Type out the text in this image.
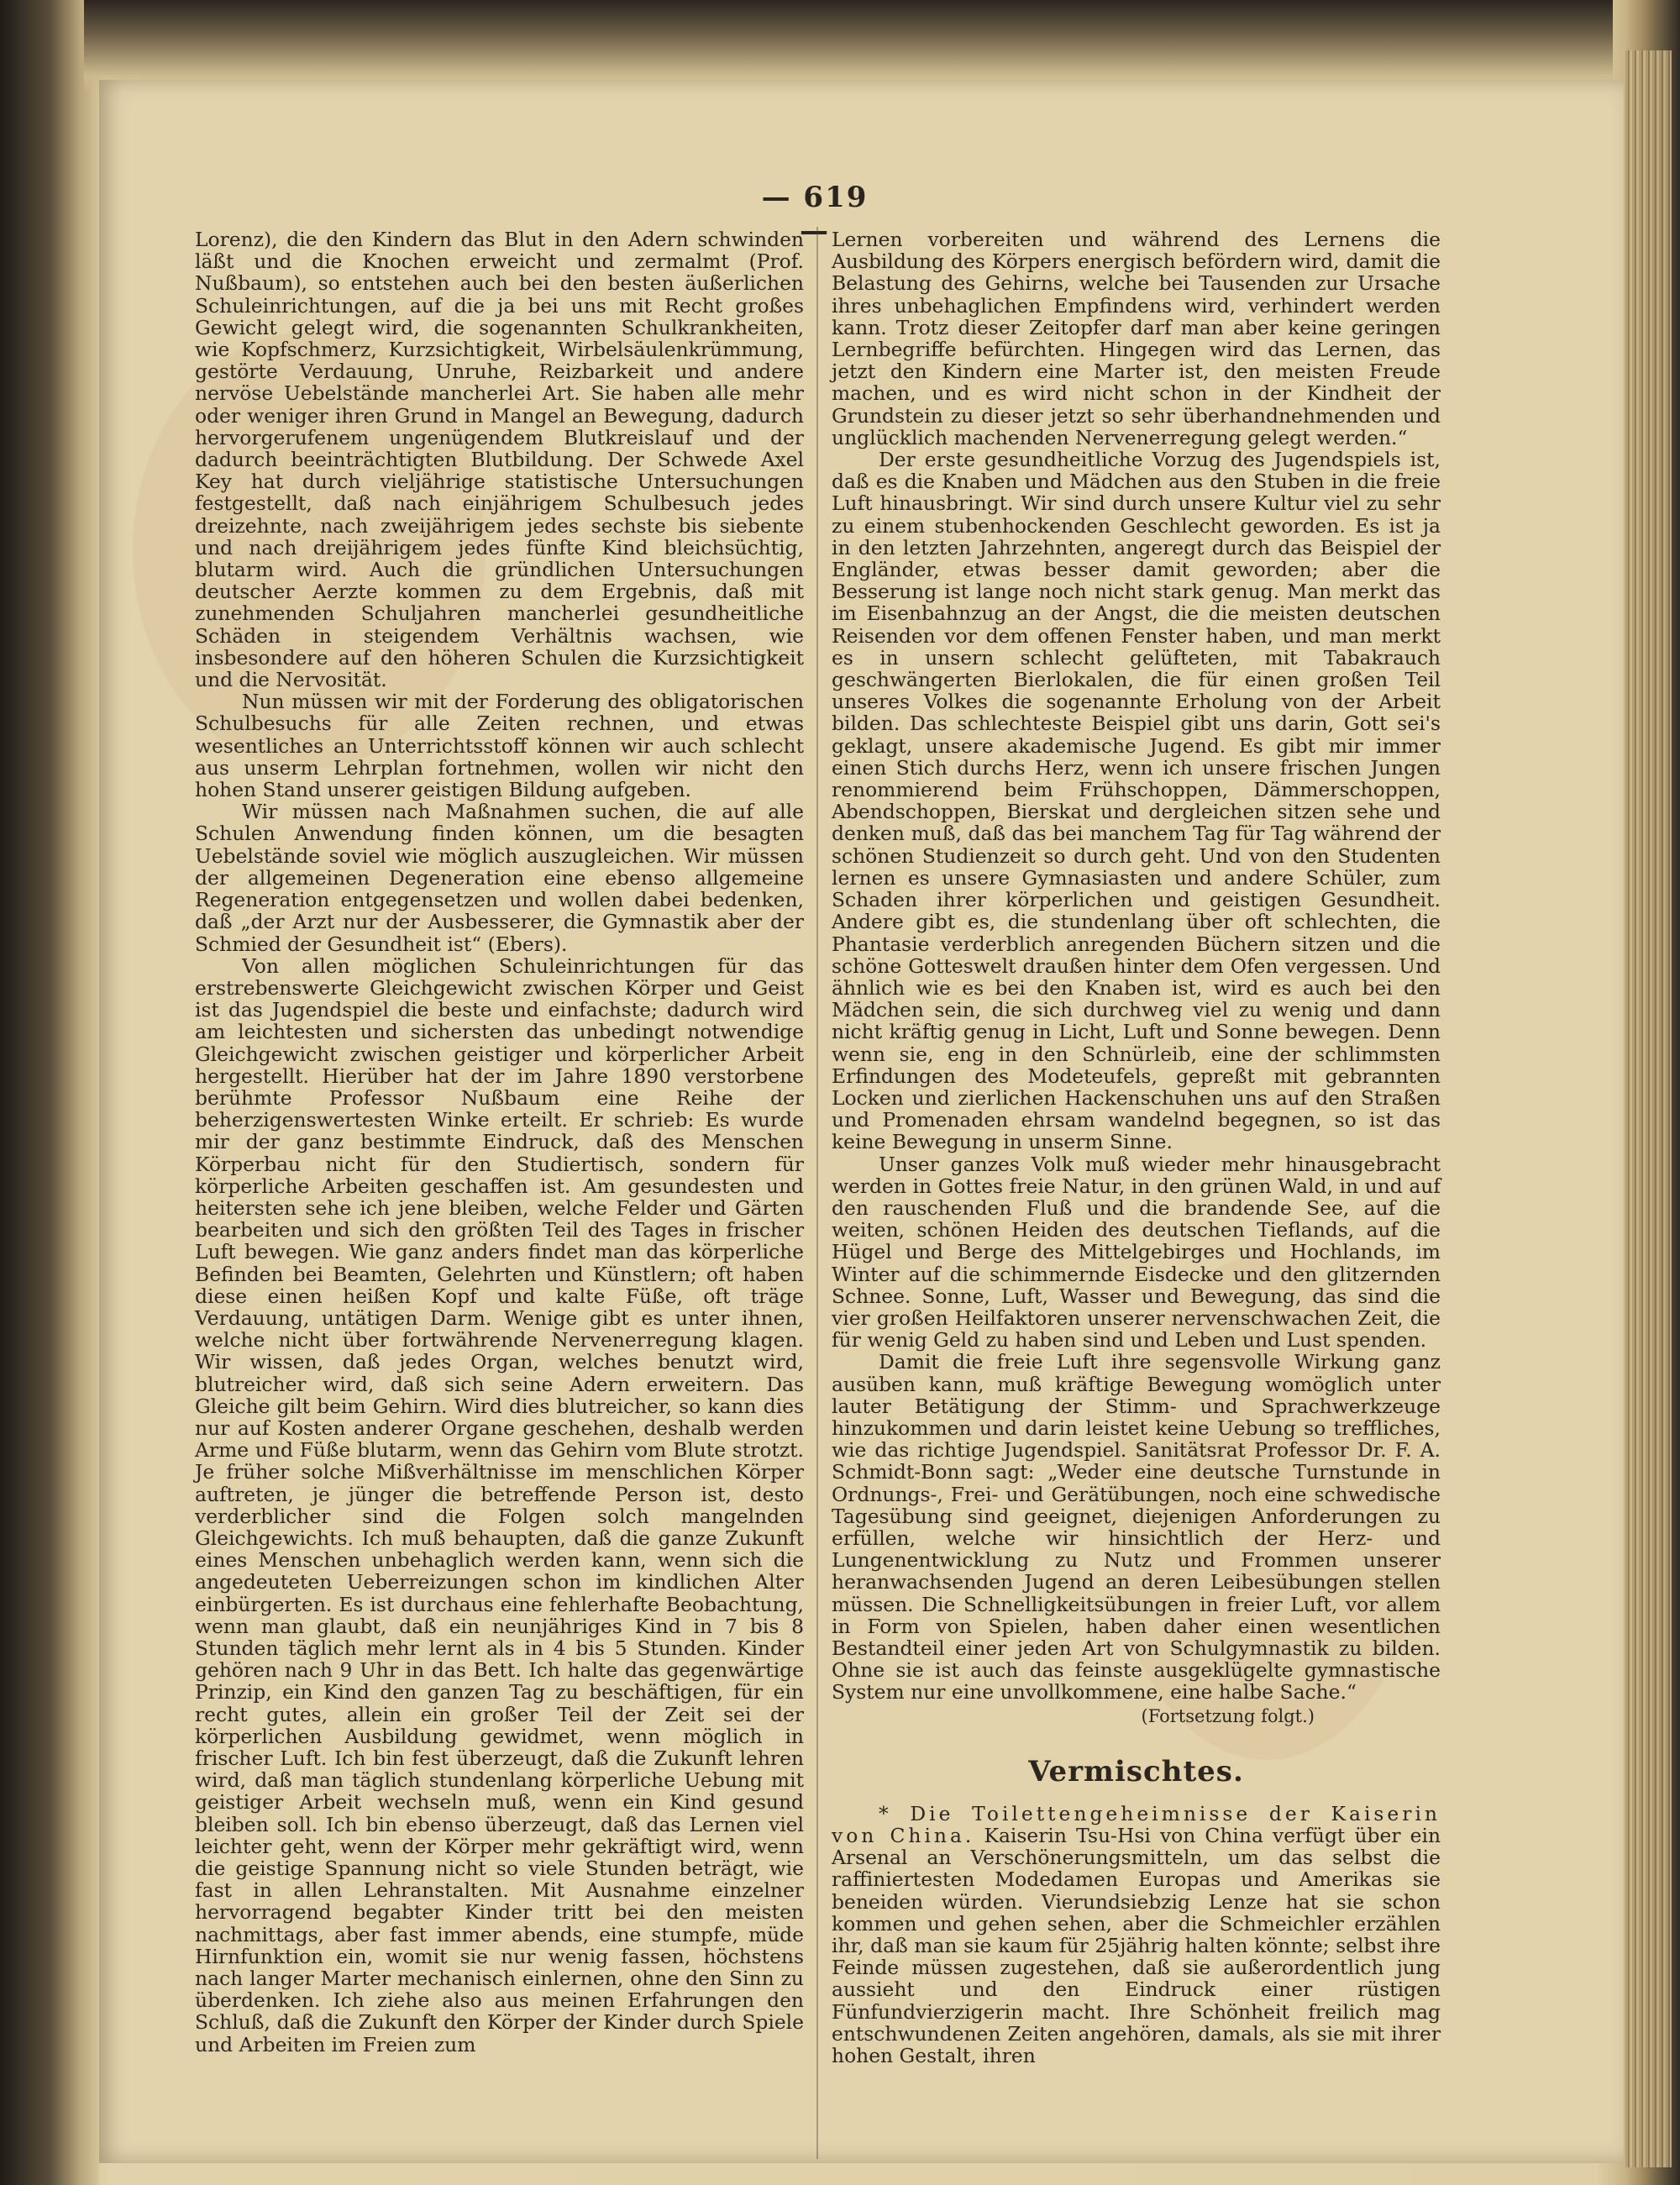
— 619 —

Lorenz), die den Kindern das Blut in den Adern schwinden läßt und die Knochen erweicht und zermalmt (Prof. Nußbaum), so entstehen auch bei den besten äußerlichen Schuleinrichtungen, auf die ja bei uns mit Recht großes Gewicht gelegt wird, die sogenannten Schulkrankheiten, wie Kopfschmerz, Kurzsichtigkeit, Wirbelsäulenkrümmung, gestörte Verdauung, Unruhe, Reizbarkeit und andere nervöse Uebelstände mancherlei Art. Sie haben alle mehr oder weniger ihren Grund in Mangel an Bewegung, dadurch hervorgerufenem ungenügendem Blutkreislauf und der dadurch beeinträchtigten Blutbildung. Der Schwede Axel Key hat durch vieljährige statistische Untersuchungen festgestellt, daß nach einjährigem Schulbesuch jedes dreizehnte, nach zweijährigem jedes sechste bis siebente und nach dreijährigem jedes fünfte Kind bleichsüchtig, blutarm wird. Auch die gründlichen Untersuchungen deutscher Aerzte kommen zu dem Ergebnis, daß mit zunehmenden Schuljahren mancherlei gesundheitliche Schäden in steigendem Verhältnis wachsen, wie insbesondere auf den höheren Schulen die Kurzsichtigkeit und die Nervosität.

Nun müssen wir mit der Forderung des obligatorischen Schulbesuchs für alle Zeiten rechnen, und etwas wesentliches an Unterrichtsstoff können wir auch schlecht aus unserm Lehrplan fortnehmen, wollen wir nicht den hohen Stand unserer geistigen Bildung aufgeben.

Wir müssen nach Maßnahmen suchen, die auf alle Schulen Anwendung finden können, um die besagten Uebelstände soviel wie möglich auszugleichen. Wir müssen der allgemeinen Degeneration eine ebenso allgemeine Regeneration entgegensetzen und wollen dabei bedenken, daß „der Arzt nur der Ausbesserer, die Gymnastik aber der Schmied der Gesundheit ist“ (Ebers).

Von allen möglichen Schuleinrichtungen für das erstrebenswerte Gleichgewicht zwischen Körper und Geist ist das Jugendspiel die beste und einfachste; dadurch wird am leichtesten und sichersten das unbedingt notwendige Gleichgewicht zwischen geistiger und körperlicher Arbeit hergestellt. Hierüber hat der im Jahre 1890 verstorbene berühmte Professor Nußbaum eine Reihe der beherzigenswertesten Winke erteilt. Er schrieb: Es wurde mir der ganz bestimmte Eindruck, daß des Menschen Körperbau nicht für den Studiertisch, sondern für körperliche Arbeiten geschaffen ist. Am gesundesten und heitersten sehe ich jene bleiben, welche Felder und Gärten bearbeiten und sich den größten Teil des Tages in frischer Luft bewegen. Wie ganz anders findet man das körperliche Befinden bei Beamten, Gelehrten und Künstlern; oft haben diese einen heißen Kopf und kalte Füße, oft träge Verdauung, untätigen Darm. Wenige gibt es unter ihnen, welche nicht über fortwährende Nervenerregung klagen. Wir wissen, daß jedes Organ, welches benutzt wird, blutreicher wird, daß sich seine Adern erweitern. Das Gleiche gilt beim Gehirn. Wird dies blutreicher, so kann dies nur auf Kosten anderer Organe geschehen, deshalb werden Arme und Füße blutarm, wenn das Gehirn vom Blute strotzt. Je früher solche Mißverhältnisse im menschlichen Körper auftreten, je jünger die betreffende Person ist, desto verderblicher sind die Folgen solch mangelnden Gleichgewichts. Ich muß behaupten, daß die ganze Zukunft eines Menschen unbehaglich werden kann, wenn sich die angedeuteten Ueberreizungen schon im kindlichen Alter einbürgerten. Es ist durchaus eine fehlerhafte Beobachtung, wenn man glaubt, daß ein neunjähriges Kind in 7 bis 8 Stunden täglich mehr lernt als in 4 bis 5 Stunden. Kinder gehören nach 9 Uhr in das Bett. Ich halte das gegenwärtige Prinzip, ein Kind den ganzen Tag zu beschäftigen, für ein recht gutes, allein ein großer Teil der Zeit sei der körperlichen Ausbildung gewidmet, wenn möglich in frischer Luft. Ich bin fest überzeugt, daß die Zukunft lehren wird, daß man täglich stundenlang körperliche Uebung mit geistiger Arbeit wechseln muß, wenn ein Kind gesund bleiben soll. Ich bin ebenso überzeugt, daß das Lernen viel leichter geht, wenn der Körper mehr gekräftigt wird, wenn die geistige Spannung nicht so viele Stunden beträgt, wie fast in allen Lehranstalten. Mit Ausnahme einzelner hervorragend begabter Kinder tritt bei den meisten nachmittags, aber fast immer abends, eine stumpfe, müde Hirnfunktion ein, womit sie nur wenig fassen, höchstens nach langer Marter mechanisch einlernen, ohne den Sinn zu überdenken. Ich ziehe also aus meinen Erfahrungen den Schluß, daß die Zukunft den Körper der Kinder durch Spiele und Arbeiten im Freien zum

Lernen vorbereiten und während des Lernens die Ausbildung des Körpers energisch befördern wird, damit die Belastung des Gehirns, welche bei Tausenden zur Ursache ihres unbehaglichen Empfindens wird, verhindert werden kann. Trotz dieser Zeitopfer darf man aber keine geringen Lernbegriffe befürchten. Hingegen wird das Lernen, das jetzt den Kindern eine Marter ist, den meisten Freude machen, und es wird nicht schon in der Kindheit der Grundstein zu dieser jetzt so sehr überhandnehmenden und unglücklich machenden Nervenerregung gelegt werden.“

Der erste gesundheitliche Vorzug des Jugendspiels ist, daß es die Knaben und Mädchen aus den Stuben in die freie Luft hinausbringt. Wir sind durch unsere Kultur viel zu sehr zu einem stubenhockenden Geschlecht geworden. Es ist ja in den letzten Jahrzehnten, angeregt durch das Beispiel der Engländer, etwas besser damit geworden; aber die Besserung ist lange noch nicht stark genug. Man merkt das im Eisenbahnzug an der Angst, die die meisten deutschen Reisenden vor dem offenen Fenster haben, und man merkt es in unsern schlecht gelüfteten, mit Tabakrauch geschwängerten Bierlokalen, die für einen großen Teil unseres Volkes die sogenannte Erholung von der Arbeit bilden. Das schlechteste Beispiel gibt uns darin, Gott sei's geklagt, unsere akademische Jugend. Es gibt mir immer einen Stich durchs Herz, wenn ich unsere frischen Jungen renommierend beim Frühschoppen, Dämmerschoppen, Abendschoppen, Bierskat und dergleichen sitzen sehe und denken muß, daß das bei manchem Tag für Tag während der schönen Studienzeit so durch geht. Und von den Studenten lernen es unsere Gymnasiasten und andere Schüler, zum Schaden ihrer körperlichen und geistigen Gesundheit. Andere gibt es, die stundenlang über oft schlechten, die Phantasie verderblich anregenden Büchern sitzen und die schöne Gotteswelt draußen hinter dem Ofen vergessen. Und ähnlich wie es bei den Knaben ist, wird es auch bei den Mädchen sein, die sich durchweg viel zu wenig und dann nicht kräftig genug in Licht, Luft und Sonne bewegen. Denn wenn sie, eng in den Schnürleib, eine der schlimmsten Erfindungen des Modeteufels, gepreßt mit gebrannten Locken und zierlichen Hackenschuhen uns auf den Straßen und Promenaden ehrsam wandelnd begegnen, so ist das keine Bewegung in unserm Sinne.

Unser ganzes Volk muß wieder mehr hinausgebracht werden in Gottes freie Natur, in den grünen Wald, in und auf den rauschenden Fluß und die brandende See, auf die weiten, schönen Heiden des deutschen Tieflands, auf die Hügel und Berge des Mittelgebirges und Hochlands, im Winter auf die schimmernde Eisdecke und den glitzernden Schnee. Sonne, Luft, Wasser und Bewegung, das sind die vier großen Heilfaktoren unserer nervenschwachen Zeit, die für wenig Geld zu haben sind und Leben und Lust spenden.

Damit die freie Luft ihre segensvolle Wirkung ganz ausüben kann, muß kräftige Bewegung womöglich unter lauter Betätigung der Stimm- und Sprachwerkzeuge hinzukommen und darin leistet keine Uebung so treffliches, wie das richtige Jugendspiel. Sanitätsrat Professor Dr. F. A. Schmidt-Bonn sagt: „Weder eine deutsche Turnstunde in Ordnungs-, Frei- und Gerätübungen, noch eine schwedische Tagesübung sind geeignet, diejenigen Anforderungen zu erfüllen, welche wir hinsichtlich der Herz- und Lungenentwicklung zu Nutz und Frommen unserer heranwachsenden Jugend an deren Leibesübungen stellen müssen. Die Schnelligkeitsübungen in freier Luft, vor allem in Form von Spielen, haben daher einen wesentlichen Bestandteil einer jeden Art von Schulgymnastik zu bilden. Ohne sie ist auch das feinste ausgeklügelte gymnastische System nur eine unvollkommene, eine halbe Sache.“

(Fortsetzung folgt.)

Vermischtes.

* Die Toilettengeheimnisse der Kaiserin von China. Kaiserin Tsu-Hsi von China verfügt über ein Arsenal an Verschönerungsmitteln, um das selbst die raffiniertesten Modedamen Europas und Amerikas sie beneiden würden. Vierundsiebzig Lenze hat sie schon kommen und gehen sehen, aber die Schmeichler erzählen ihr, daß man sie kaum für 25jährig halten könnte; selbst ihre Feinde müssen zugestehen, daß sie außerordentlich jung aussieht und den Eindruck einer rüstigen Fünfundvierzigerin macht. Ihre Schönheit freilich mag entschwundenen Zeiten angehören, damals, als sie mit ihrer hohen Gestalt, ihren
